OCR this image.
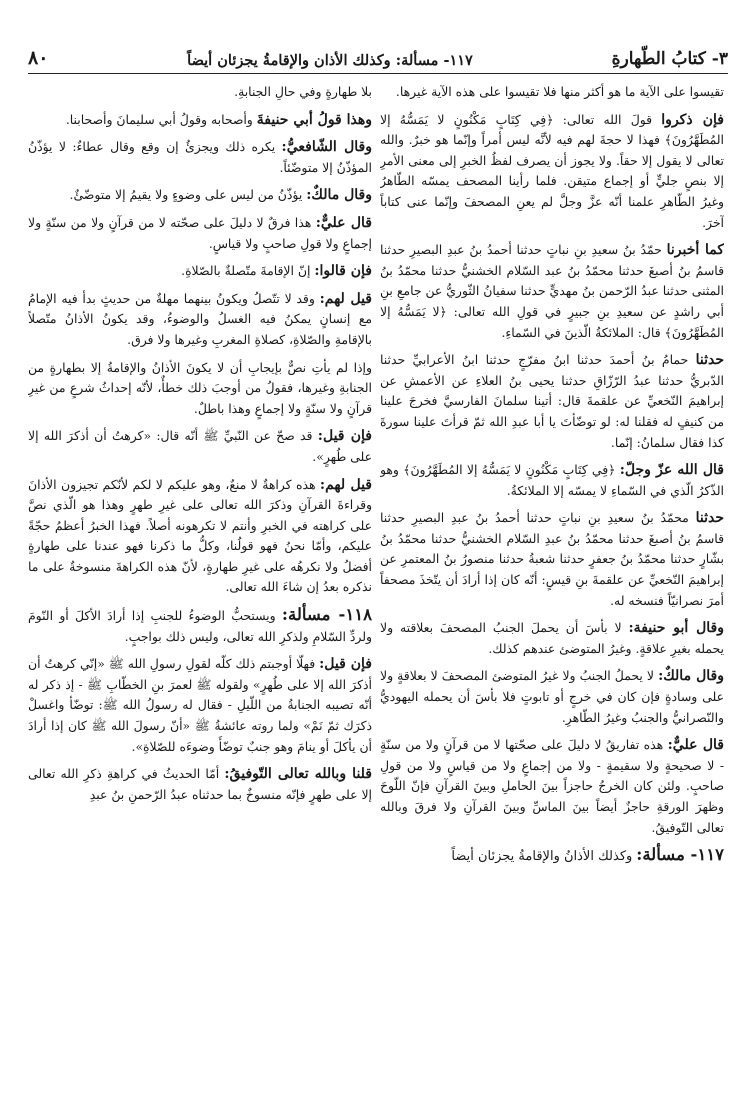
٣- كتابُ الطّهارةِ
١١٧- مسألة: وكذلك الأذان والإقامةُ يجزئان أيضاً
٨٠

تقيسوا على الآية ما هو أكثر منها فلا تقيسوا على هذه الآية غيرها.

فإن ذكروا قولَ الله تعالى: ﴿فِي كِتَابٍ مَكْنُونٍ لا يَمَسُّهُ إلا المُطَهَّرُونَ﴾ فهذا لا حجةَ لهم فيه لأنَّه ليس أمراً وإنّما هو خبرٌ. والله تعالى لا يقول إلا حقاً. ولا يجوز أن يصرف لفظُ الخبرِ إلى معنى الأمرِ إلا بنصٍ جليٍّ أو إجماع متيقن. فلما رأينا المصحف يمسّه الطّاهرُ وغيرُ الطّاهرِ علمنا أنّه عزَّ وجلَّ لم يعنِ المصحفَ وإنّما عنى كتاباً آخرَ.

كما أخبرنا حمّدُ بنُ سعيدِ بنِ نباتٍ حدثنا أحمدُ بنُ عبدِ البصيرِ حدثنا قاسمُ بنُ أصبغَ حدثنا محمّدُ بنُ عبد السّلام الخشنيُّ حدثنا محمّدُ بنُ المثنى حدثنا عبدُ الرّحمن بنُ مهديٍّ حدثنا سفيانُ الثّوريُّ عن جامعِ بنِ أبي راشدٍ عن سعيدِ بنِ جبيرٍ في قولِ الله تعالى: ﴿لا يَمَسُّهُ إلا المُطَهَّرُونَ﴾ قال: الملائكةُ الّذينَ في السّماءِ.

حدثنا حمامُ بنُ أحمدَ حدثنا ابنُ مفرّجٍ حدثنا ابنُ الأعرابيِّ حدثنا الدّبريُّ حدثنا عبدُ الرّزّاقِ حدثنا يحيى بنُ العلاءِ عن الأعمشِ عن إبراهيمَ النّخعيِّ عن علقمةَ قال: أتينا سلمانَ الفارسيَّ فخرجَ علينا من كنيفٍ له فقلنا له: لو توضّأتَ يا أبا عبدِ الله ثمّ قرأتَ علينا سورةَ كذا فقال سلمانُ: إنّما.

قال الله عزّ وجلّ: ﴿فِي كِتَابٍ مَكْنُونٍ لا يَمَسُّهُ إلا المُطَهَّرُونَ﴾ وهو الذّكرُ الّذي في السّماءِ لا يمسّه إلا الملائكةُ.

حدثنا محمّدُ بنُ سعيدِ بنِ نباتٍ حدثنا أحمدُ بنُ عبدِ البصيرِ حدثنا قاسمُ بنُ أصبغَ حدثنا محمّدُ بنُ عبدِ السّلام الخشنيُّ حدثنا محمّدُ بنُ بشّارٍ حدثنا محمّدُ بنُ جعفرٍ حدثنا شعبةُ حدثنا منصورُ بنُ المعتمرِ عن إبراهيمَ النّخعيِّ عن علقمةَ بنِ قيسٍ: أنّه كان إذا أرادَ أن يتّخذَ مصحفاً أمرَ نصرانيّاً فنسخه له.

وقال أبو حنيفة: لا بأسَ أن يحملَ الجنبُ المصحفَ بعلاقته ولا يحمله بغيرِ علاقةٍ. وغيرُ المتوضئ عندهم كذلك.

وقال مالكٌ: لا يحملُ الجنبُ ولا غيرُ المتوضئ المصحفَ لا بعلاقةٍ ولا على وسادةٍ فإن كان في خرجٍ أو تابوتٍ فلا بأسَ أن يحمله اليهوديُّ والنّصرانيُّ والجنبُ وغيرُ الطّاهرِ.

قال عليٌّ: هذه تفاريقُ لا دليلَ على صحّتها لا من قرآنٍ ولا من سنّةٍ - لا صحيحةٍ ولا سقيمةٍ - ولا من إجماعٍ ولا من قياسٍ ولا من قولِ صاحبٍ. ولئن كان الخرجُ حاجزاً بينَ الحاملِ وبينَ القرآنِ فإنّ اللّوحَ وظهرَ الورقةِ حاجزٌ أيضاً بينَ الماسِّ وبينَ القرآنِ ولا فرقَ وبالله تعالى التّوفيقُ.

١١٧- مسألة: وكذلك الأذانُ والإقامةُ يجزئان أيضاً

بلا طهارةٍ وفي حالِ الجنابةِ.

وهذا قولُ أبي حنيفةَ وأصحابه وقولُ أبي سليمانَ وأصحابنا.

وقال الشّافعيُّ: يكره ذلك ويجزئُ إن وقع وقال عطاءٌ: لا يؤذّنُ المؤذّنُ إلا متوضّئاً.

وقال مالكٌ: يؤذّنُ من ليس على وضوءٍ ولا يقيمُ إلا متوضّئٌ.

قال عليٌّ: هذا فرقٌ لا دليلَ على صحّته لا من قرآنٍ ولا من سنّةٍ ولا إجماعٍ ولا قولِ صاحبٍ ولا قياسٍ.

فإن قالوا: إنّ الإقامةَ متّصلةٌ بالصّلاةِ.

قيل لهم: وقد لا تتّصلُ ويكونُ بينهما مهلةٌ من حديثٍ بدأ فيه الإمامُ مع إنسانٍ يمكنُ فيه الغسلُ والوضوءُ، وقد يكونُ الأذانُ متّصلاً بالإقامةِ والصّلاةِ، كصلاةِ المغربِ وغيرها ولا فرق.

وإذا لم يأتِ نصٌّ بإيجابِ أن لا يكونَ الأذانُ والإقامةُ إلا بطهارةٍ من الجنابةِ وغيرها، فقولُ من أوجبَ ذلك خطأٌ، لأنّه إحداثُ شرعٍ من غيرِ قرآنٍ ولا سنّةٍ ولا إجماعٍ وهذا باطلٌ.

فإن قيل: قد صحّ عن النّبيِّ ﷺ أنّه قال: «كرهتُ أن أذكرَ الله إلا على طُهرٍ».

قيل لهم: هذه كراهةٌ لا منعٌ، وهو عليكم لا لكم لأنّكم تجيزون الأذانَ وقراءةَ القرآنِ وذكرَ الله تعالى على غيرِ طهرٍ وهذا هو الّذي نصَّ على كراهته في الخبرِ وأنتم لا تكرهونه أصلاً. فهذا الخبرُ أعظمُ حجّةً عليكم، وأمّا نحنُ فهو قولُنا، وكلُّ ما ذكرنا فهو عندنا على طهارةٍ أفضلُ ولا نكرهُه على غيرِ طهارةٍ، لأنّ هذه الكراهةَ منسوخةٌ على ما نذكره بعدُ إن شاءَ الله تعالى.

١١٨- مسألة: ويستحبُّ الوضوءُ للجنبِ إذا أرادَ الأكلَ أو النّومَ ولردِّ السّلامِ ولذكرِ الله تعالى، وليس ذلك بواجبٍ.

فإن قيل: فهلّا أوجبتم ذلك كلّه لقولِ رسولِ الله ﷺ «إنّي كرهتُ أن أذكرَ الله إلا على طُهرٍ» ولقوله ﷺ لعمرَ بنِ الخطّابِ ﷺ - إذ ذكر له أنّه تصيبه الجنابةُ من اللّيلِ - فقال له رسولُ الله ﷺ: توضّأ واغسلْ ذكرَك ثمّ نَمْ» ولما روته عائشةُ ﷺ «أنّ رسولَ الله ﷺ كان إذا أرادَ أن يأكلَ أو ينامَ وهو جنبٌ توضّأَ وضوءَه للصّلاةِ».

قلنا وبالله تعالى التّوفيقُ: أمّا الحديثُ في كراهةِ ذكرِ الله تعالى إلا على طهرٍ فإنّه منسوخٌ بما حدثناه عبدُ الرّحمنِ بنُ عبدِ
